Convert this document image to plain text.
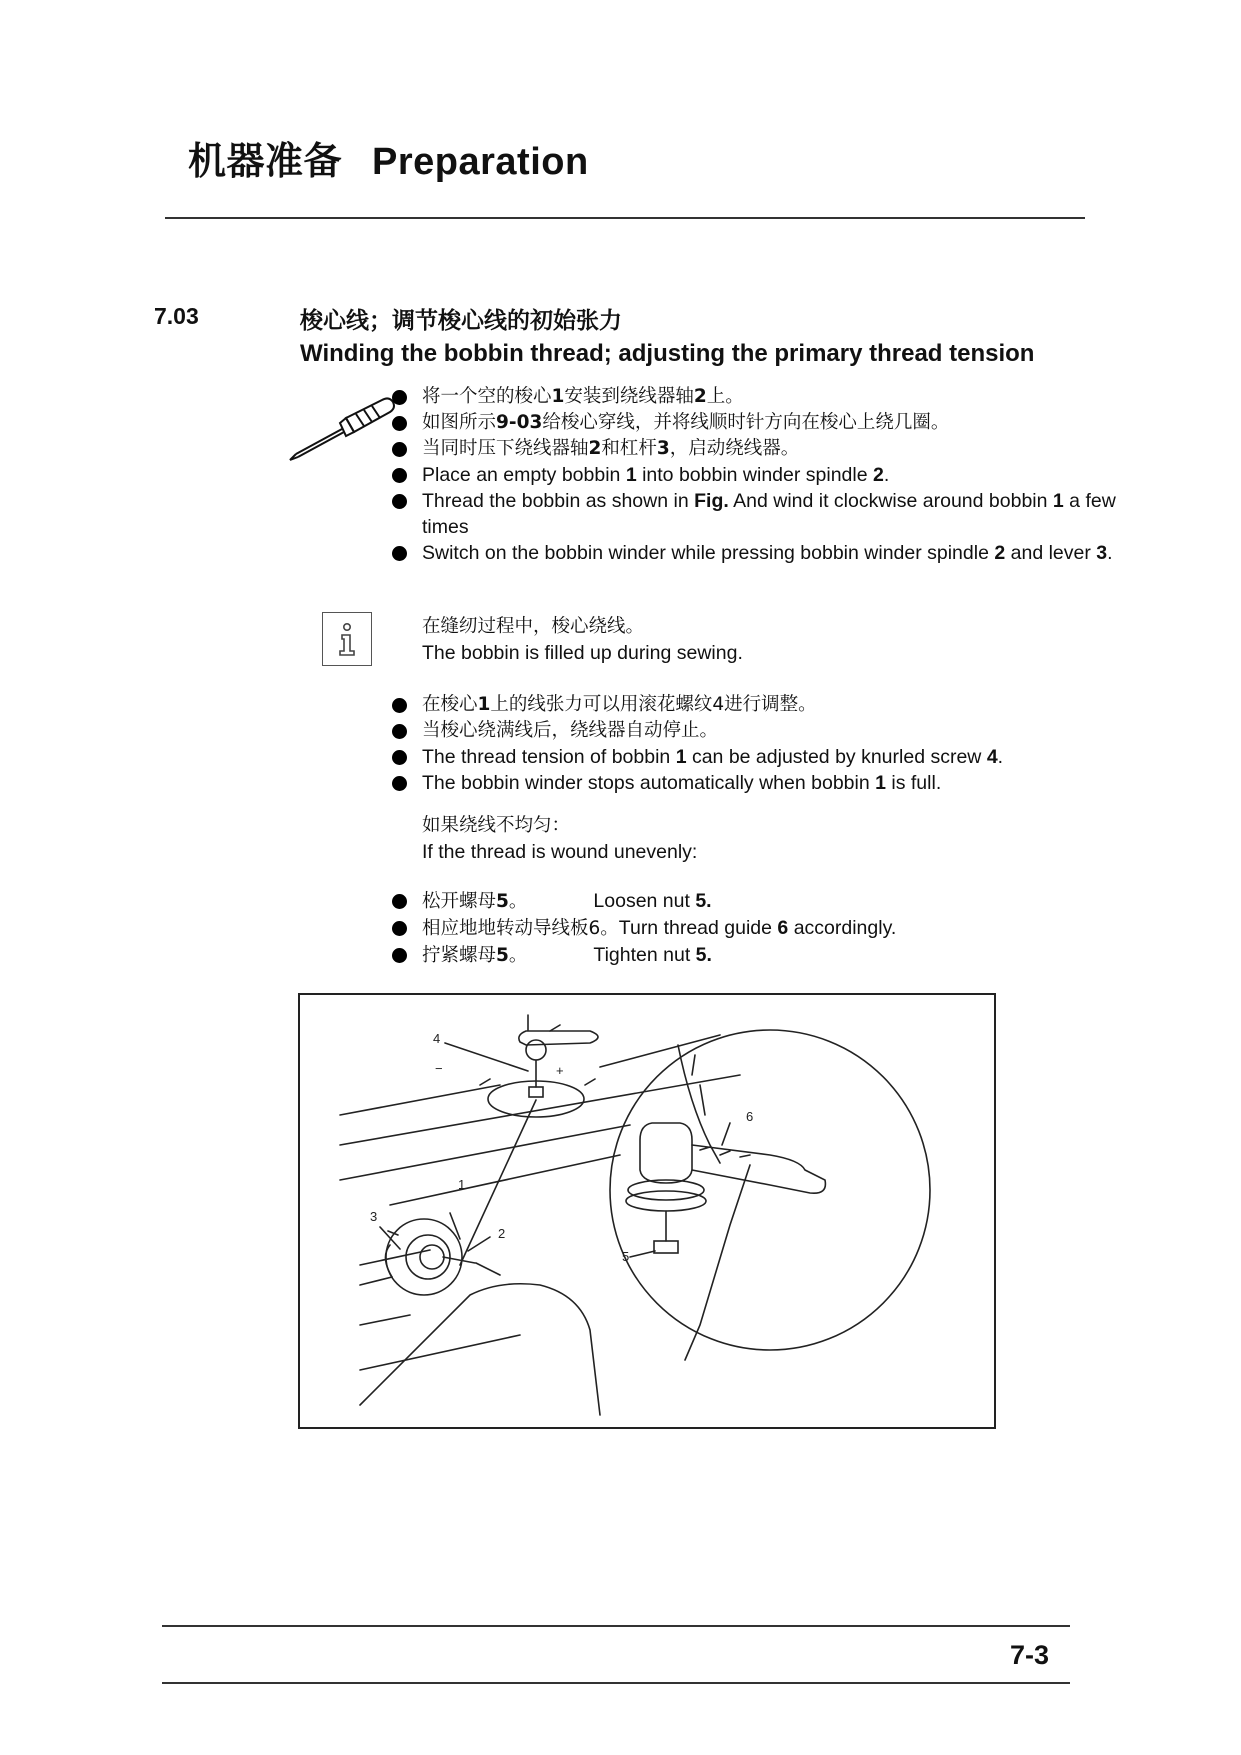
机器准备 Preparation
7.03	梭心线；调节梭心线的初始张力
Winding the bobbin thread; adjusting the primary thread tension
将一个空的梭心1安装到绕线器轴2上。
如图所示9-03给梭心穿线，并将线顺时针方向在梭心上绕几圈。
当同时压下绕线器轴2和杠杆3，启动绕线器。
Place an empty bobbin 1 into bobbin winder spindle 2.
Thread the bobbin as shown in Fig. And wind it clockwise around bobbin 1 a few times
Switch on the bobbin winder while pressing bobbin winder spindle 2 and lever 3.
在缝纫过程中，梭心绕线。
The bobbin is filled up during sewing.
在梭心1上的线张力可以用滚花螺纹4进行调整。
当梭心绕满线后，绕线器自动停止。
The thread tension of bobbin 1 can be adjusted by knurled screw 4.
The bobbin winder stops automatically when bobbin 1 is full.
如果绕线不均匀：
If the thread is wound unevenly:
松开螺母5。	Loosen nut 5.
相应地地转动导线板6。Turn thread guide 6 accordingly.
拧紧螺母5。	Tighten nut 5.
4
−	+
1
3
2
5
6
7-3
